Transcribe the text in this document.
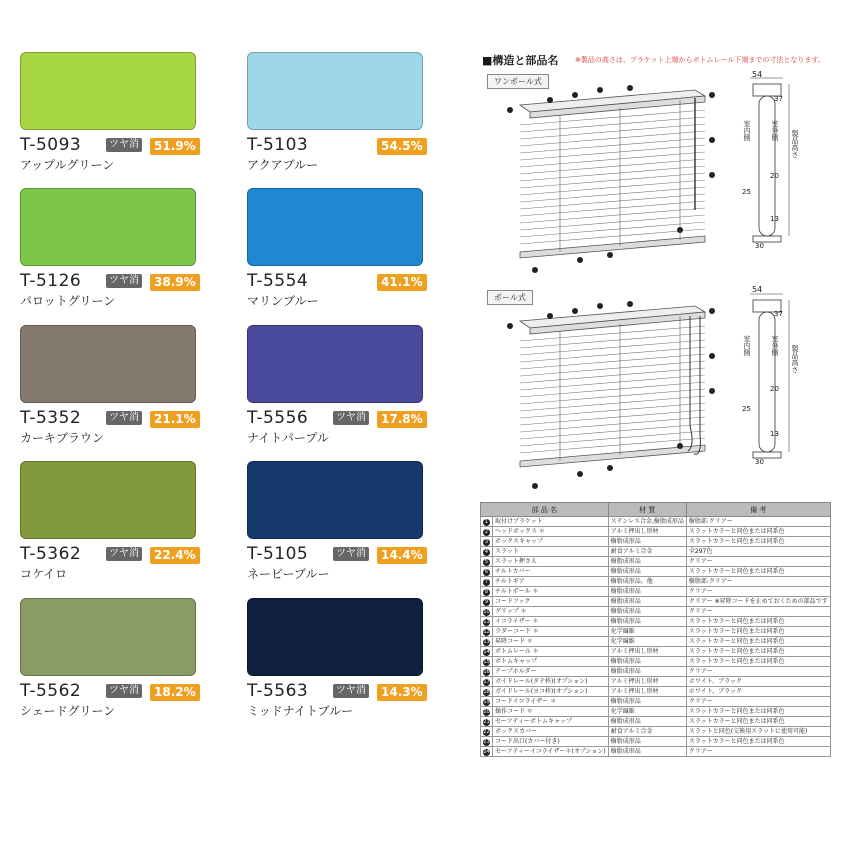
T-5093	ツヤ消	51.9%
アップルグリーン
T-5103	54.5%
アクアブルー
T-5126	ツヤ消	38.9%
パロットグリーン
T-5554	41.1%
マリンブルー
T-5352	ツヤ消	21.1%
カーキブラウン
T-5556	ツヤ消	17.8%
ナイトパープル
T-5362	ツヤ消	22.4%
コケイロ
T-5105	ツヤ消	14.4%
ネービーブルー
T-5562	ツヤ消	18.2%
シェードグリーン
T-5563	ツヤ消	14.3%
ミッドナイトブルー
■構造と部品名 ※製品の高さは、ブラケット上端からボトムレール下端までの寸法となります。
ワンポール式
54
室内側	室外側 製品高さ
37
25
20
13
30
ポール式
54
室内側	室外側 製品高さ
37
25
20
13
30
部 品 名		材 質	備 考
1	取付けブラケット	ステンレス合金,樹脂成形品	樹脂部:クリアー
2	ヘッドボックス ＊	アルミ押出し形材	スラットカラーと同色または同系色
3	ボックスキャップ	樹脂成形品	スラットカラーと同色または同系色
4	スラット	耐食アルミ合金	全297色
5	スラット押さえ	樹脂成形品	クリアー
6	チルトカバー	樹脂成形品	スラットカラーと同色または同系色
7	チルトギア	樹脂成形品、他	樹脂部:クリアー
8	チルトポール ＊	樹脂成形品	クリアー
9	コードフック	樹脂成形品	クリアー ※昇降コードを止めておくための部品です
10	グリップ ＊	樹脂成形品	クリアー
11	イコライザー ＊	樹脂成形品	スラットカラーと同色または同系色
12	ラダーコード ＊	化学繊維	スラットカラーと同色または同系色
13	昇降コード ＊	化学繊維	スラットカラーと同色または同系色
14	ボトムレール ＊	アルミ押出し形材	スラットカラーと同色または同系色
15	ボトムキャップ	樹脂成形品	スラットカラーと同色または同系色
16	テープホルダー	樹脂成形品	クリアー
17	ガイドレール(タテ枠)(オプション)	アルミ押出し形材	ホワイト、ブラック
18	ガイドレール(ヨコ枠)(オプション)	アルミ押出し形材	ホワイト、ブラック
19	コードイコライザー ＊	樹脂成形品	クリアー
20	操作コード ＊	化学繊維	スラットカラーと同色または同系色
21	セーフティーボトムキャップ	樹脂成形品	スラットカラーと同色または同系色
22	ボックスカバー	耐食アルミ合金	スラットと同色(交換用スラットに使用可能)
23	コード出口(カバー付き)	樹脂成形品	スラットカラーと同色または同系色
24	セーフティーイコライザー＊(オプション)	樹脂成形品	クリアー
